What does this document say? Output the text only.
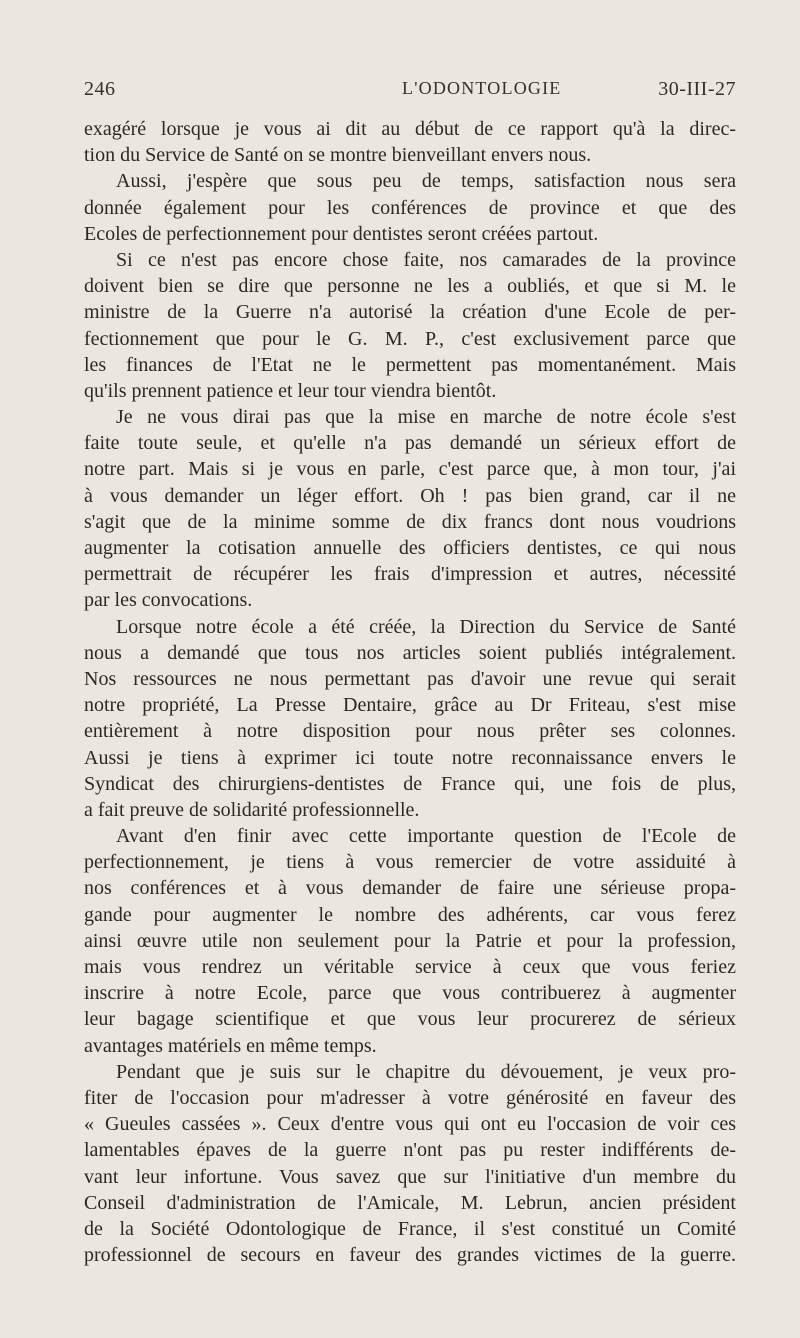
246	L'ODONTOLOGIE	30-III-27
exagéré lorsque je vous ai dit au début de ce rapport qu'à la direc-
tion du Service de Santé on se montre bienveillant envers nous.
Aussi, j'espère que sous peu de temps, satisfaction nous sera
donnée également pour les conférences de province et que des
Ecoles de perfectionnement pour dentistes seront créées partout.
Si ce n'est pas encore chose faite, nos camarades de la province
doivent bien se dire que personne ne les a oubliés, et que si M. le
ministre de la Guerre n'a autorisé la création d'une Ecole de per-
fectionnement que pour le G. M. P., c'est exclusivement parce que
les finances de l'Etat ne le permettent pas momentanément. Mais
qu'ils prennent patience et leur tour viendra bientôt.
Je ne vous dirai pas que la mise en marche de notre école s'est
faite toute seule, et qu'elle n'a pas demandé un sérieux effort de
notre part. Mais si je vous en parle, c'est parce que, à mon tour, j'ai
à vous demander un léger effort. Oh ! pas bien grand, car il ne
s'agit que de la minime somme de dix francs dont nous voudrions
augmenter la cotisation annuelle des officiers dentistes, ce qui nous
permettrait de récupérer les frais d'impression et autres, nécessité
par les convocations.
Lorsque notre école a été créée, la Direction du Service de Santé
nous a demandé que tous nos articles soient publiés intégralement.
Nos ressources ne nous permettant pas d'avoir une revue qui serait
notre propriété, La Presse Dentaire, grâce au Dr Friteau, s'est mise
entièrement à notre disposition pour nous prêter ses colonnes.
Aussi je tiens à exprimer ici toute notre reconnaissance envers le
Syndicat des chirurgiens-dentistes de France qui, une fois de plus,
a fait preuve de solidarité professionnelle.
Avant d'en finir avec cette importante question de l'Ecole de
perfectionnement, je tiens à vous remercier de votre assiduité à
nos conférences et à vous demander de faire une sérieuse propa-
gande pour augmenter le nombre des adhérents, car vous ferez
ainsi œuvre utile non seulement pour la Patrie et pour la profession,
mais vous rendrez un véritable service à ceux que vous feriez
inscrire à notre Ecole, parce que vous contribuerez à augmenter
leur bagage scientifique et que vous leur procurerez de sérieux
avantages matériels en même temps.
Pendant que je suis sur le chapitre du dévouement, je veux pro-
fiter de l'occasion pour m'adresser à votre générosité en faveur des
« Gueules cassées ». Ceux d'entre vous qui ont eu l'occasion de voir ces
lamentables épaves de la guerre n'ont pas pu rester indifférents de-
vant leur infortune. Vous savez que sur l'initiative d'un membre du
Conseil d'administration de l'Amicale, M. Lebrun, ancien président
de la Société Odontologique de France, il s'est constitué un Comité
professionnel de secours en faveur des grandes victimes de la guerre.
